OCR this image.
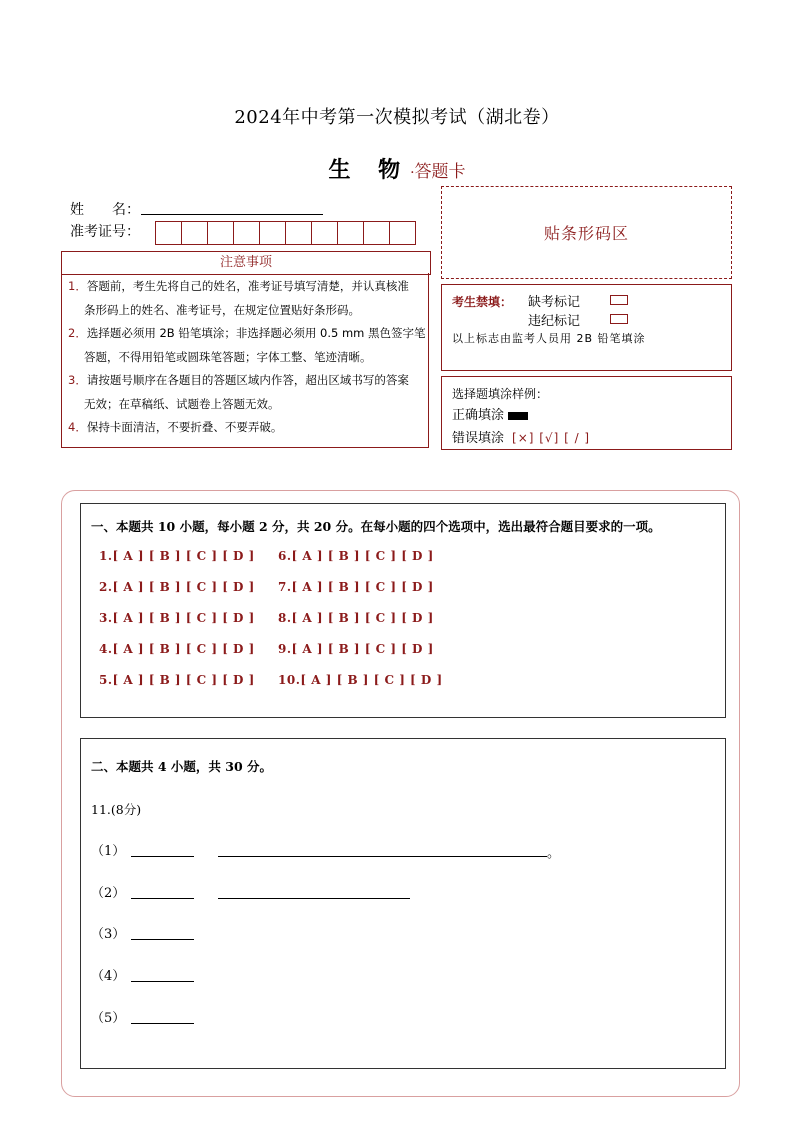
2024年中考第一次模拟考试（湖北卷）
生 物·答题卡
姓　　名：
准考证号：	贴条形码区
注意事项
1．答题前，考生先将自己的姓名，准考证号填写清楚，并认真核准
条形码上的姓名、准考证号，在规定位置贴好条形码。
2．选择题必须用 2B 铅笔填涂；非选择题必须用 0.5 mm 黑色签字笔
答题，不得用铅笔或圆珠笔答题；字体工整、笔迹清晰。
3．请按题号顺序在各题目的答题区域内作答，超出区域书写的答案
无效；在草稿纸、试题卷上答题无效。
4．保持卡面清洁，不要折叠、不要弄破。
考生禁填： 缺考标记
违纪标记
以上标志由监考人员用 2B 铅笔填涂
选择题填涂样例：
正确填涂
错误填涂 [×] [√] [ / ]
一、本题共 10 小题，每小题 2 分，共 20 分。在每小题的四个选项中，选出最符合题目要求的一项。
1.[ A ] [ B ] [ C ] [ D ]
2.[ A ] [ B ] [ C ] [ D ]
3.[ A ] [ B ] [ C ] [ D ]
4.[ A ] [ B ] [ C ] [ D ]
5.[ A ] [ B ] [ C ] [ D ]
6.[ A ] [ B ] [ C ] [ D ]
7.[ A ] [ B ] [ C ] [ D ]
8.[ A ] [ B ] [ C ] [ D ]
9.[ A ] [ B ] [ C ] [ D ]
10.[ A ] [ B ] [ C ] [ D ]
二、本题共 4 小题，共 30 分。
11.(8分)
（1）	。
（2）
（3）
（4）
（5）
